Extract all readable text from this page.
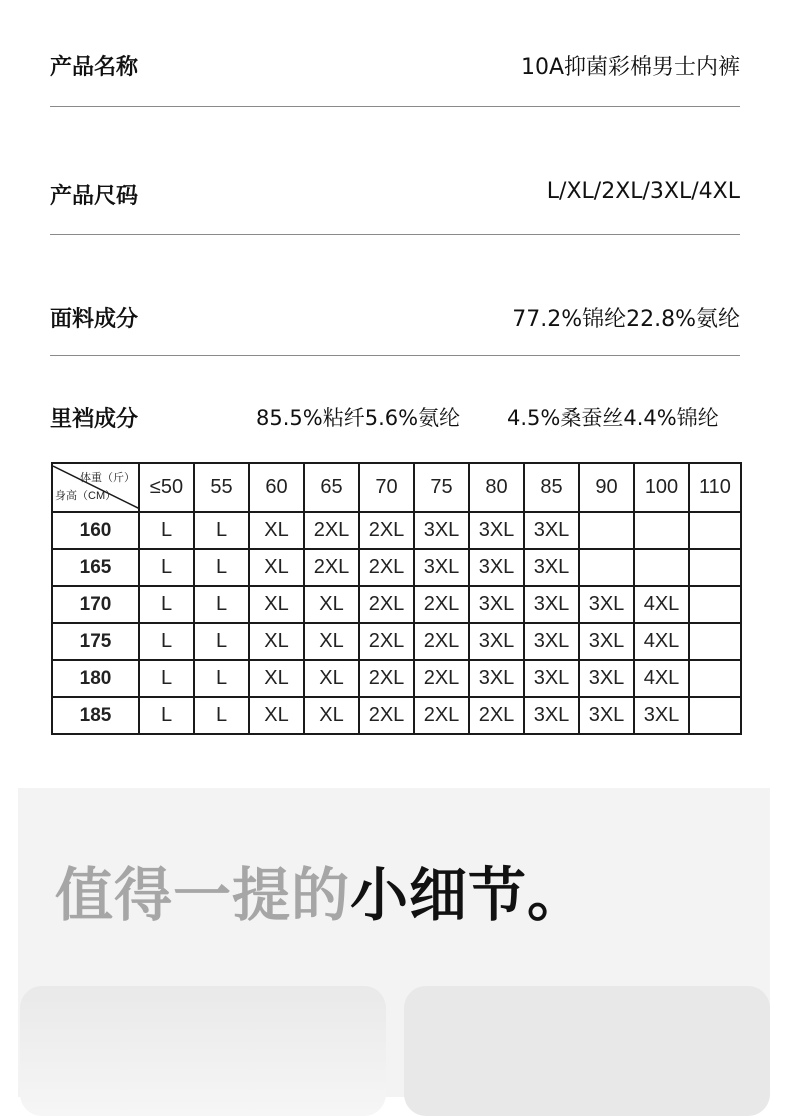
产品名称	10A抑菌彩棉男士内裤
产品尺码	L/XL/2XL/3XL/4XL
面料成分	77.2%锦纶22.8%氨纶
里裆成分	85.5%粘纤5.6%氨纶 4.5%桑蚕丝4.4%锦纶
体重（斤）
身高（CM）	≤50	55	60	65	70	75	80	85	90	100	110
160	L	L	XL	2XL	2XL	3XL	3XL	3XL			
165	L	L	XL	2XL	2XL	3XL	3XL	3XL			
170	L	L	XL	XL	2XL	2XL	3XL	3XL	3XL	4XL	
175	L	L	XL	XL	2XL	2XL	3XL	3XL	3XL	4XL	
180	L	L	XL	XL	2XL	2XL	3XL	3XL	3XL	4XL	
185	L	L	XL	XL	2XL	2XL	2XL	3XL	3XL	3XL	
值得一提的小细节。
